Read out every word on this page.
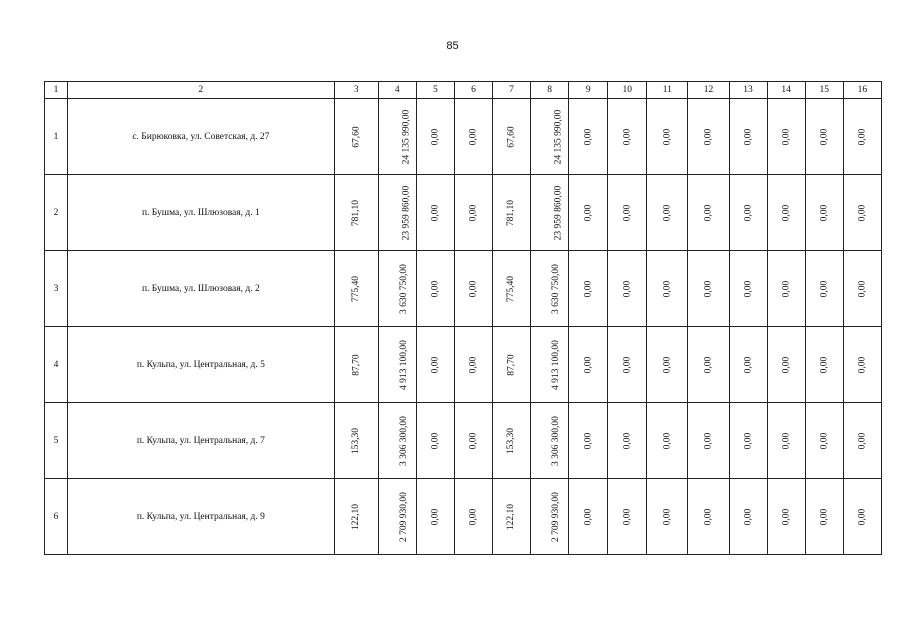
85
1	2	3	4	5	6	7	8	9	10	11	12	13	14	15	16
1	с. Бирюковка, ул. Советская, д. 27	67,60	24 135 990,00	0,00	0,00	67,60	24 135 990,00	0,00	0,00	0,00	0,00	0,00	0,00	0,00	0,00
2	п. Бушма, ул. Шлюзовая, д. 1	781,10	23 959 860,00	0,00	0,00	781,10	23 959 860,00	0,00	0,00	0,00	0,00	0,00	0,00	0,00	0,00
3	п. Бушма, ул. Шлюзовая, д. 2	775,40	3 630 750,00	0,00	0,00	775,40	3 630 750,00	0,00	0,00	0,00	0,00	0,00	0,00	0,00	0,00
4	п. Кульпа, ул. Центральная, д. 5	87,70	4 913 100,00	0,00	0,00	87,70	4 913 100,00	0,00	0,00	0,00	0,00	0,00	0,00	0,00	0,00
5	п. Кульпа, ул. Центральная, д. 7	153,30	3 306 300,00	0,00	0,00	153,30	3 306 300,00	0,00	0,00	0,00	0,00	0,00	0,00	0,00	0,00
6	п. Кульпа, ул. Центральная, д. 9	122,10	2 709 930,00	0,00	0,00	122,10	2 709 930,00	0,00	0,00	0,00	0,00	0,00	0,00	0,00	0,00
